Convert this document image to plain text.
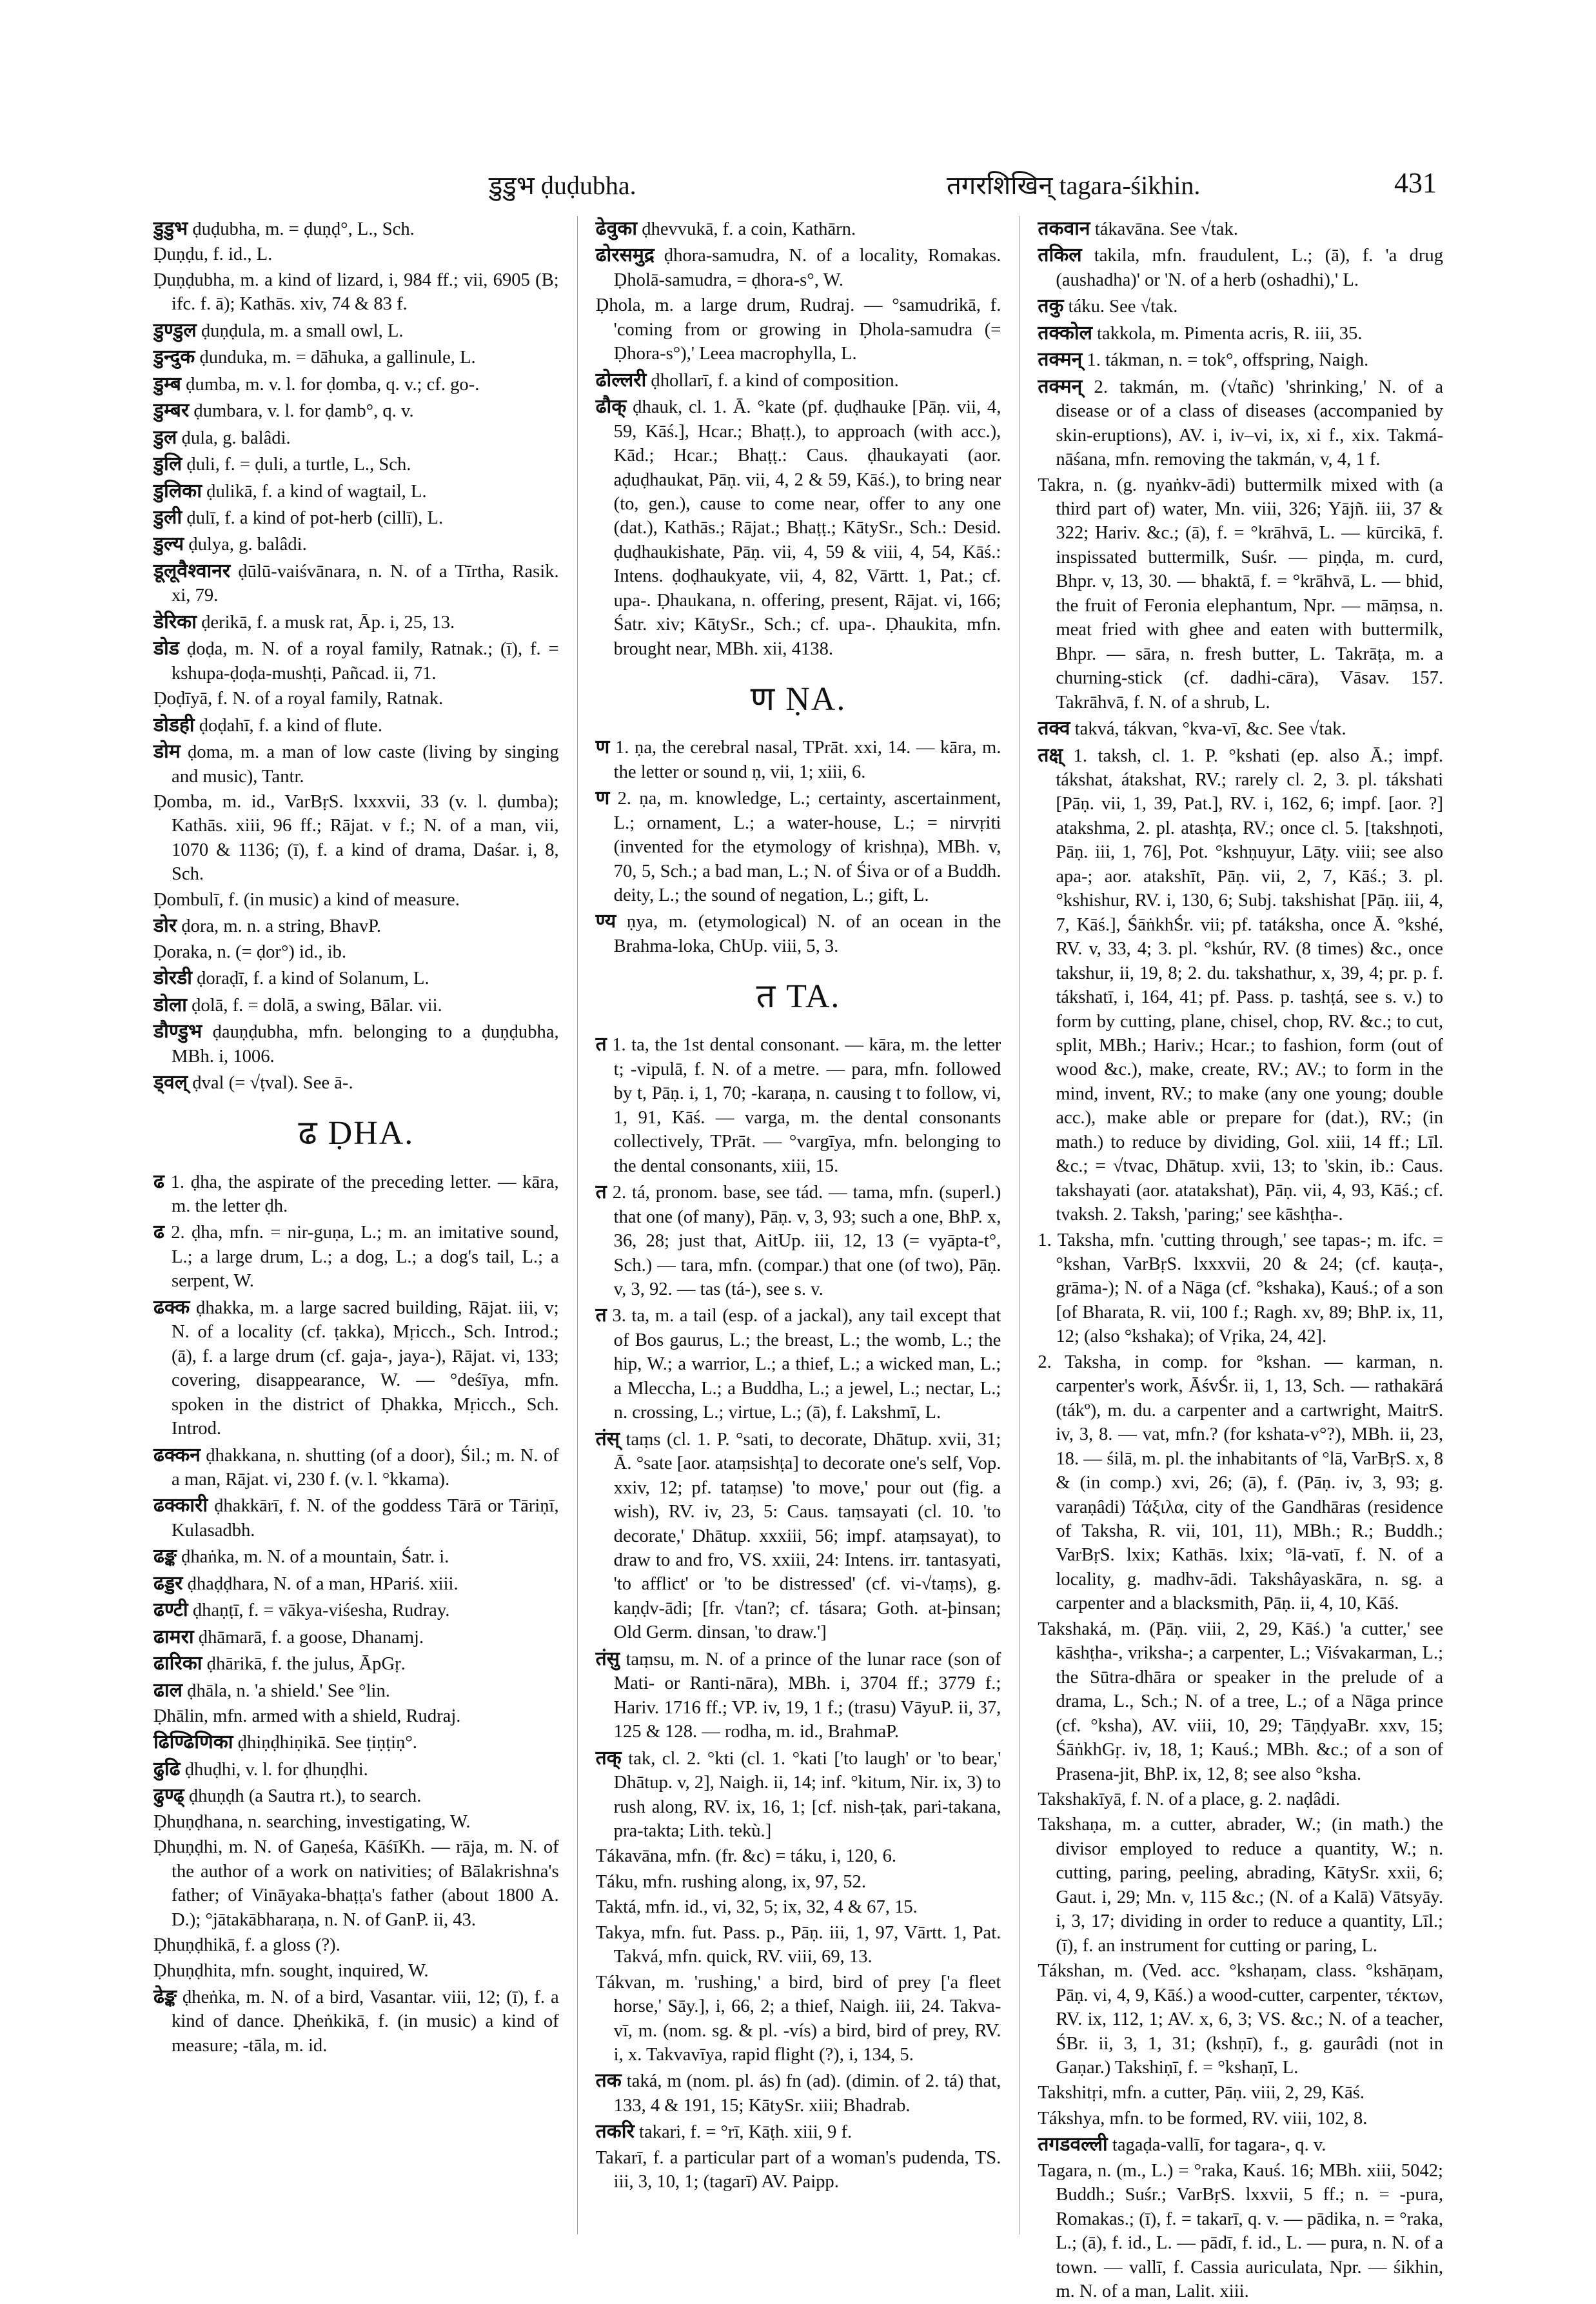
डुडुभ ḍuḍubha.	तगरशिखिन् tagara-śikhin.	431

डुडुभ ḍuḍubha, m. = ḍuṇḍ°, L., Sch.

Ḍuṇḍu, f. id., L.

Ḍuṇḍubha, m. a kind of lizard, i, 984 ff.; vii, 6905 (B; ifc. f. ā); Kathās. xiv, 74 & 83 f.

डुण्डुल ḍuṇḍula, m. a small owl, L.

डुन्दुक ḍunduka, m. = dāhuka, a gallinule, L.

डुम्ब ḍumba, m. v. l. for ḍomba, q. v.; cf. go-.

डुम्बर ḍumbara, v. l. for ḍamb°, q. v.

डुल ḍula, g. balâdi.

डुलि ḍuli, f. = ḍuli, a turtle, L., Sch.

डुलिका ḍulikā, f. a kind of wagtail, L.

डुली ḍulī, f. a kind of pot-herb (cillī), L.

डुल्य ḍulya, g. balâdi.

डूलूवैश्वानर ḍūlū-vaiśvānara, n. N. of a Tīrtha, Rasik. xi, 79.

डेरिका ḍerikā, f. a musk rat, Āp. i, 25, 13.

डोड ḍoḍa, m. N. of a royal family, Ratnak.; (ī), f. = kshupa-ḍoḍa-mushṭi, Pañcad. ii, 71.

Ḍoḍīyā, f. N. of a royal family, Ratnak.

डोडही ḍoḍahī, f. a kind of flute.

डोम ḍoma, m. a man of low caste (living by singing and music), Tantr.

Ḍomba, m. id., VarBṛS. lxxxvii, 33 (v. l. ḍumba); Kathās. xiii, 96 ff.; Rājat. v f.; N. of a man, vii, 1070 & 1136; (ī), f. a kind of drama, Daśar. i, 8, Sch.

Ḍombulī, f. (in music) a kind of measure.

डोर ḍora, m. n. a string, BhavP.

Ḍoraka, n. (= ḍor°) id., ib.

डोरडी ḍoraḍī, f. a kind of Solanum, L.

डोला ḍolā, f. = dolā, a swing, Bālar. vii.

डौण्डुभ ḍauṇḍubha, mfn. belonging to a ḍuṇḍubha, MBh. i, 1006.

ड्वल् ḍval (= √ṭval). See ā-.

ढ ḌHA.

ढ 1. ḍha, the aspirate of the preceding letter. — kāra, m. the letter ḍh.

ढ 2. ḍha, mfn. = nir-guṇa, L.; m. an imitative sound, L.; a large drum, L.; a dog, L.; a dog's tail, L.; a serpent, W.

ढक्क ḍhakka, m. a large sacred building, Rājat. iii, v; N. of a locality (cf. ṭakka), Mṛicch., Sch. Introd.; (ā), f. a large drum (cf. gaja-, jaya-), Rājat. vi, 133; covering, disappearance, W. — °deśīya, mfn. spoken in the district of Ḍhakka, Mṛicch., Sch. Introd.

ढक्कन ḍhakkana, n. shutting (of a door), Śil.; m. N. of a man, Rājat. vi, 230 f. (v. l. °kkama).

ढक्कारी ḍhakkārī, f. N. of the goddess Tārā or Tāriṇī, Kulasadbh.

ढङ्क ḍhaṅka, m. N. of a mountain, Śatr. i.

ढड्डर ḍhaḍḍhara, N. of a man, HPariś. xiii.

ढण्टी ḍhaṇṭī, f. = vākya-viśesha, Rudray.

ढामरा ḍhāmarā, f. a goose, Dhanamj.

ढारिका ḍhārikā, f. the julus, ĀpGṛ.

ढाल ḍhāla, n. 'a shield.' See °lin.

Ḍhālin, mfn. armed with a shield, Rudraj.

ढिण्ढिणिका ḍhiṇḍhiṇikā. See ṭiṇṭiṇ°.

ढुढि ḍhuḍhi, v. l. for ḍhuṇḍhi.

ढुण्ढ् ḍhuṇḍh (a Sautra rt.), to search.

Ḍhuṇḍhana, n. searching, investigating, W.

Ḍhuṇḍhi, m. N. of Gaṇeśa, KāśīKh. — rāja, m. N. of the author of a work on nativities; of Bālakrishna's father; of Vināyaka-bhaṭṭa's father (about 1800 A. D.); °jātakābharaṇa, n. N. of GanP. ii, 43.

Ḍhuṇḍhikā, f. a gloss (?).

Ḍhuṇḍhita, mfn. sought, inquired, W.

ढेङ्क ḍheṅka, m. N. of a bird, Vasantar. viii, 12; (ī), f. a kind of dance. Ḍheṅkikā, f. (in music) a kind of measure; -tāla, m. id.

ढेवुका ḍhevvukā, f. a coin, Kathārn.

ढोरसमुद्र ḍhora-samudra, N. of a locality, Romakas. Ḍholā-samudra, = ḍhora-s°, W.

Ḍhola, m. a large drum, Rudraj. — °samudrikā, f. 'coming from or growing in Ḍhola-samudra (= Ḍhora-s°),' Leea macrophylla, L.

ढोल्लरी ḍhollarī, f. a kind of composition.

ढौक् ḍhauk, cl. 1. Ā. °kate (pf. ḍuḍhauke [Pāṇ. vii, 4, 59, Kāś.], Hcar.; Bhaṭṭ.), to approach (with acc.), Kād.; Hcar.; Bhaṭṭ.: Caus. ḍhaukayati (aor. aḍuḍhaukat, Pāṇ. vii, 4, 2 & 59, Kāś.), to bring near (to, gen.), cause to come near, offer to any one (dat.), Kathās.; Rājat.; Bhaṭṭ.; KātySr., Sch.: Desid. ḍuḍhaukishate, Pāṇ. vii, 4, 59 & viii, 4, 54, Kāś.: Intens. ḍoḍhaukyate, vii, 4, 82, Vārtt. 1, Pat.; cf. upa-. Ḍhaukana, n. offering, present, Rājat. vi, 166; Śatr. xiv; KātySr., Sch.; cf. upa-. Ḍhaukita, mfn. brought near, MBh. xii, 4138.

ण ṆA.

ण 1. ṇa, the cerebral nasal, TPrāt. xxi, 14. — kāra, m. the letter or sound ṇ, vii, 1; xiii, 6.

ण 2. ṇa, m. knowledge, L.; certainty, ascertainment, L.; ornament, L.; a water-house, L.; = nirvṛiti (invented for the etymology of krishṇa), MBh. v, 70, 5, Sch.; a bad man, L.; N. of Śiva or of a Buddh. deity, L.; the sound of negation, L.; gift, L.

ण्य ṇya, m. (etymological) N. of an ocean in the Brahma-loka, ChUp. viii, 5, 3.

त TA.

त 1. ta, the 1st dental consonant. — kāra, m. the letter t; -vipulā, f. N. of a metre. — para, mfn. followed by t, Pāṇ. i, 1, 70; -karaṇa, n. causing t to follow, vi, 1, 91, Kāś. — varga, m. the dental consonants collectively, TPrāt. — °vargīya, mfn. belonging to the dental consonants, xiii, 15.

त 2. tá, pronom. base, see tád. — tama, mfn. (superl.) that one (of many), Pāṇ. v, 3, 93; such a one, BhP. x, 36, 28; just that, AitUp. iii, 12, 13 (= vyāpta-t°, Sch.) — tara, mfn. (compar.) that one (of two), Pāṇ. v, 3, 92. — tas (tá-), see s. v.

त 3. ta, m. a tail (esp. of a jackal), any tail except that of Bos gaurus, L.; the breast, L.; the womb, L.; the hip, W.; a warrior, L.; a thief, L.; a wicked man, L.; a Mleccha, L.; a Buddha, L.; a jewel, L.; nectar, L.; n. crossing, L.; virtue, L.; (ā), f. Lakshmī, L.

तंस् taṃs (cl. 1. P. °sati, to decorate, Dhātup. xvii, 31; Ā. °sate [aor. ataṃsishṭa] to decorate one's self, Vop. xxiv, 12; pf. tataṃse) 'to move,' pour out (fig. a wish), RV. iv, 23, 5: Caus. taṃsayati (cl. 10. 'to decorate,' Dhātup. xxxiii, 56; impf. ataṃsayat), to draw to and fro, VS. xxiii, 24: Intens. irr. tantasyati, 'to afflict' or 'to be distressed' (cf. vi-√taṃs), g. kaṇḍv-ādi; [fr. √tan?; cf. tásara; Goth. at-þinsan; Old Germ. dinsan, 'to draw.']

तंसु taṃsu, m. N. of a prince of the lunar race (son of Mati- or Ranti-nāra), MBh. i, 3704 ff.; 3779 f.; Hariv. 1716 ff.; VP. iv, 19, 1 f.; (trasu) VāyuP. ii, 37, 125 & 128. — rodha, m. id., BrahmaP.

तक् tak, cl. 2. °kti (cl. 1. °kati ['to laugh' or 'to bear,' Dhātup. v, 2], Naigh. ii, 14; inf. °kitum, Nir. ix, 3) to rush along, RV. ix, 16, 1; [cf. nish-ṭak, pari-takana, pra-takta; Lith. tekù.]

Tákavāna, mfn. (fr. &c) = táku, i, 120, 6.

Táku, mfn. rushing along, ix, 97, 52.

Taktá, mfn. id., vi, 32, 5; ix, 32, 4 & 67, 15.

Takya, mfn. fut. Pass. p., Pāṇ. iii, 1, 97, Vārtt. 1, Pat. Takvá, mfn. quick, RV. viii, 69, 13.

Tákvan, m. 'rushing,' a bird, bird of prey ['a fleet horse,' Sāy.], i, 66, 2; a thief, Naigh. iii, 24. Takva-vī, m. (nom. sg. & pl. -vís) a bird, bird of prey, RV. i, x. Takvavīya, rapid flight (?), i, 134, 5.

तक taká, m (nom. pl. ás) fn (ad). (dimin. of 2. tá) that, 133, 4 & 191, 15; KātySr. xiii; Bhadrab.

तकरि takari, f. = °rī, Kāṭh. xiii, 9 f.

Takarī, f. a particular part of a woman's pudenda, TS. iii, 3, 10, 1; (tagarī) AV. Paipp.

तकवान tákavāna. See √tak.

तकिल takila, mfn. fraudulent, L.; (ā), f. 'a drug (aushadha)' or 'N. of a herb (oshadhi),' L.

तकु táku. See √tak.

तक्कोल takkola, m. Pimenta acris, R. iii, 35.

तक्मन् 1. tákman, n. = tok°, offspring, Naigh.

तक्मन् 2. takmán, m. (√tañc) 'shrinking,' N. of a disease or of a class of diseases (accompanied by skin-eruptions), AV. i, iv–vi, ix, xi f., xix. Takmá-nāśana, mfn. removing the takmán, v, 4, 1 f.

Takra, n. (g. nyaṅkv-ādi) buttermilk mixed with (a third part of) water, Mn. viii, 326; Yājñ. iii, 37 & 322; Hariv. &c.; (ā), f. = °krāhvā, L. — kūrcikā, f. inspissated buttermilk, Suśr. — piṇḍa, m. curd, Bhpr. v, 13, 30. — bhaktā, f. = °krāhvā, L. — bhid, the fruit of Feronia elephantum, Npr. — māṃsa, n. meat fried with ghee and eaten with buttermilk, Bhpr. — sāra, n. fresh butter, L. Takrāṭa, m. a churning-stick (cf. dadhi-cāra), Vāsav. 157. Takrāhvā, f. N. of a shrub, L.

तक्व takvá, tákvan, °kva-vī, &c. See √tak.

तक्ष् 1. taksh, cl. 1. P. °kshati (ep. also Ā.; impf. tákshat, átakshat, RV.; rarely cl. 2, 3. pl. tákshati [Pāṇ. vii, 1, 39, Pat.], RV. i, 162, 6; impf. [aor. ?] atakshma, 2. pl. atashṭa, RV.; once cl. 5. [takshṇoti, Pāṇ. iii, 1, 76], Pot. °kshṇuyur, Lāṭy. viii; see also apa-; aor. atakshīt, Pāṇ. vii, 2, 7, Kāś.; 3. pl. °kshishur, RV. i, 130, 6; Subj. takshishat [Pāṇ. iii, 4, 7, Kāś.], ŚāṅkhŚr. vii; pf. tatáksha, once Ā. °kshé, RV. v, 33, 4; 3. pl. °kshúr, RV. (8 times) &c., once takshur, ii, 19, 8; 2. du. takshathur, x, 39, 4; pr. p. f. tákshatī, i, 164, 41; pf. Pass. p. tashṭá, see s. v.) to form by cutting, plane, chisel, chop, RV. &c.; to cut, split, MBh.; Hariv.; Hcar.; to fashion, form (out of wood &c.), make, create, RV.; AV.; to form in the mind, invent, RV.; to make (any one young; double acc.), make able or prepare for (dat.), RV.; (in math.) to reduce by dividing, Gol. xiii, 14 ff.; Līl. &c.; = √tvac, Dhātup. xvii, 13; to 'skin, ib.: Caus. takshayati (aor. atatakshat), Pāṇ. vii, 4, 93, Kāś.; cf. tvaksh. 2. Taksh, 'paring;' see kāshṭha-.

1. Taksha, mfn. 'cutting through,' see tapas-; m. ifc. = °kshan, VarBṛS. lxxxvii, 20 & 24; (cf. kauṭa-, grāma-); N. of a Nāga (cf. °kshaka), Kauś.; of a son [of Bharata, R. vii, 100 f.; Ragh. xv, 89; BhP. ix, 11, 12; (also °kshaka); of Vṛika, 24, 42].

2. Taksha, in comp. for °kshan. — karman, n. carpenter's work, ĀśvŚr. ii, 1, 13, Sch. — rathakārá (tákº), m. du. a carpenter and a cartwright, MaitrS. iv, 3, 8. — vat, mfn.? (for kshata-v°?), MBh. ii, 23, 18. — śilā, m. pl. the inhabitants of °lā, VarBṛS. x, 8 & (in comp.) xvi, 26; (ā), f. (Pāṇ. iv, 3, 93; g. varaṇâdi) Τάξιλα, city of the Gandhāras (residence of Taksha, R. vii, 101, 11), MBh.; R.; Buddh.; VarBṛS. lxix; Kathās. lxix; °lā-vatī, f. N. of a locality, g. madhv-ādi. Takshâyaskāra, n. sg. a carpenter and a blacksmith, Pāṇ. ii, 4, 10, Kāś.

Takshaká, m. (Pāṇ. viii, 2, 29, Kāś.) 'a cutter,' see kāshṭha-, vriksha-; a carpenter, L.; Viśvakarman, L.; the Sūtra-dhāra or speaker in the prelude of a drama, L., Sch.; N. of a tree, L.; of a Nāga prince (cf. °ksha), AV. viii, 10, 29; TāṇḍyaBr. xxv, 15; ŚāṅkhGṛ. iv, 18, 1; Kauś.; MBh. &c.; of a son of Prasena-jit, BhP. ix, 12, 8; see also °ksha.

Takshakīyā, f. N. of a place, g. 2. naḍâdi.

Takshaṇa, m. a cutter, abrader, W.; (in math.) the divisor employed to reduce a quantity, W.; n. cutting, paring, peeling, abrading, KātySr. xxii, 6; Gaut. i, 29; Mn. v, 115 &c.; (N. of a Kalā) Vātsyāy. i, 3, 17; dividing in order to reduce a quantity, Līl.; (ī), f. an instrument for cutting or paring, L.

Tákshan, m. (Ved. acc. °kshaṇam, class. °kshāṇam, Pāṇ. vi, 4, 9, Kāś.) a wood-cutter, carpenter, τέκτων, RV. ix, 112, 1; AV. x, 6, 3; VS. &c.; N. of a teacher, ŚBr. ii, 3, 1, 31; (kshṇī), f., g. gaurâdi (not in Gaṇar.) Takshiṇī, f. = °kshaṇī, L.

Takshitṛi, mfn. a cutter, Pāṇ. viii, 2, 29, Kāś.

Tákshya, mfn. to be formed, RV. viii, 102, 8.

तगडवल्ली tagaḍa-vallī, for tagara-, q. v.

Tagara, n. (m., L.) = °raka, Kauś. 16; MBh. xiii, 5042; Buddh.; Suśr.; VarBṛS. lxxvii, 5 ff.; n. = -pura, Romakas.; (ī), f. = takarī, q. v. — pādika, n. = °raka, L.; (ā), f. id., L. — pādī, f. id., L. — pura, n. N. of a town. — vallī, f. Cassia auriculata, Npr. — śikhin, m. N. of a man, Lalit. xiii.
